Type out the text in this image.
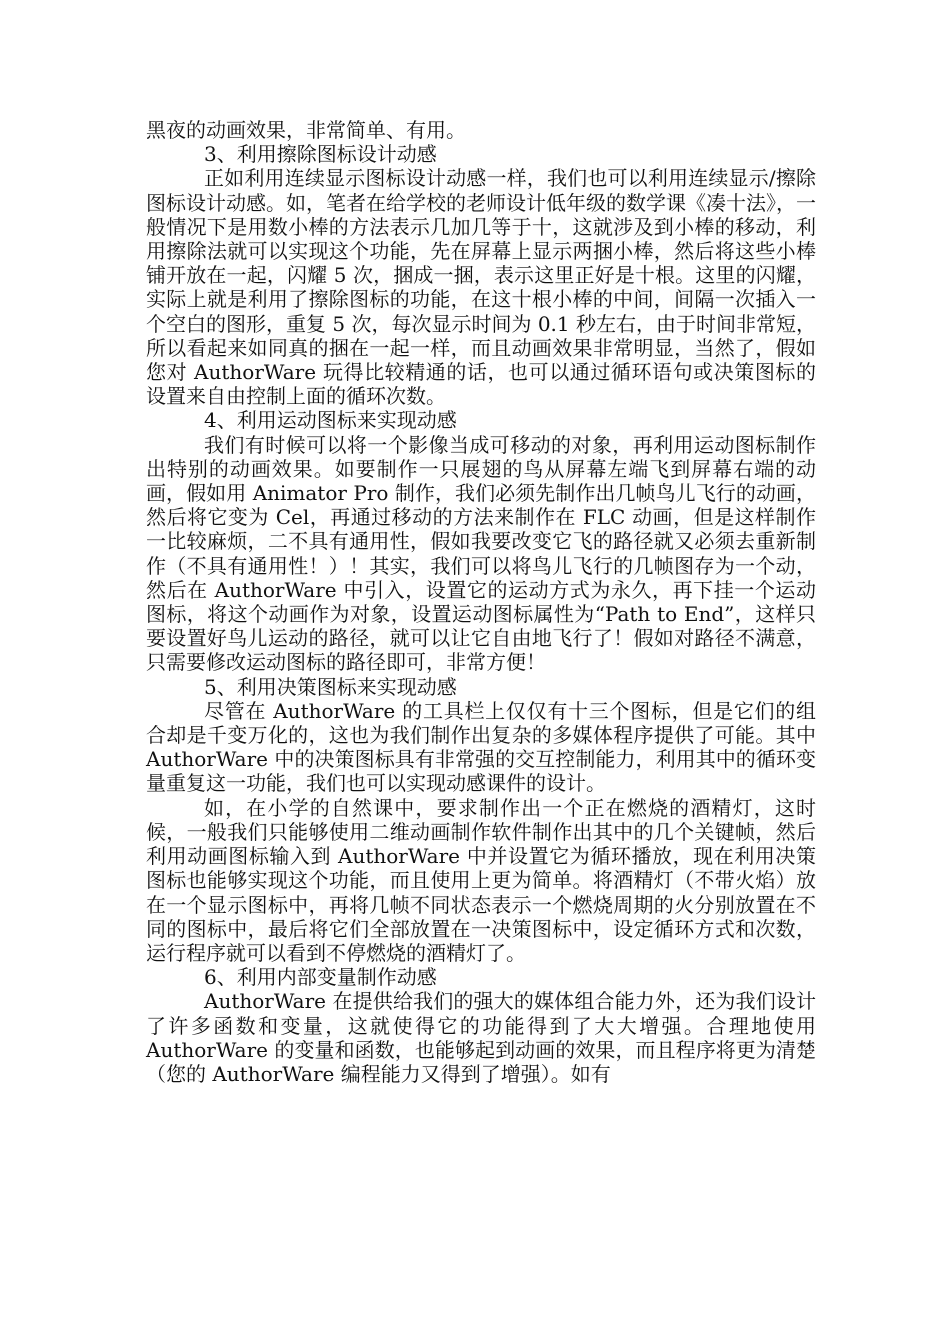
黑夜的动画效果，非常简单、有用。

3、利用擦除图标设计动感

正如利用连续显示图标设计动感一样，我们也可以利用连续显示/擦除图标设计动感。如，笔者在给学校的老师设计低年级的数学课《凑十法》，一般情况下是用数小棒的方法表示几加几等于十，这就涉及到小棒的移动，利用擦除法就可以实现这个功能，先在屏幕上显示两捆小棒，然后将这些小棒铺开放在一起，闪耀 5 次，捆成一捆，表示这里正好是十根。这里的闪耀，实际上就是利用了擦除图标的功能，在这十根小棒的中间，间隔一次插入一个空白的图形，重复 5 次，每次显示时间为 0.1 秒左右，由于时间非常短，所以看起来如同真的捆在一起一样，而且动画效果非常明显，当然了，假如您对 AuthorWare 玩得比较精通的话，也可以通过循环语句或决策图标的设置来自由控制上面的循环次数。

4、利用运动图标来实现动感

我们有时候可以将一个影像当成可移动的对象，再利用运动图标制作出特别的动画效果。如要制作一只展翅的鸟从屏幕左端飞到屏幕右端的动画，假如用 Animator Pro 制作，我们必须先制作出几帧鸟儿飞行的动画，然后将它变为 Cel，再通过移动的方法来制作在 FLC 动画，但是这样制作一比较麻烦，二不具有通用性，假如我要改变它飞的路径就又必须去重新制作（不具有通用性！）！其实，我们可以将鸟儿飞行的几帧图存为一个动，然后在 AuthorWare 中引入，设置它的运动方式为永久，再下挂一个运动图标，将这个动画作为对象，设置运动图标属性为“Path to End”，这样只要设置好鸟儿运动的路径，就可以让它自由地飞行了！假如对路径不满意，只需要修改运动图标的路径即可，非常方便！

5、利用决策图标来实现动感

尽管在 AuthorWare 的工具栏上仅仅有十三个图标，但是它们的组合却是千变万化的，这也为我们制作出复杂的多媒体程序提供了可能。其中 AuthorWare 中的决策图标具有非常强的交互控制能力，利用其中的循环变量重复这一功能，我们也可以实现动感课件的设计。

如，在小学的自然课中，要求制作出一个正在燃烧的酒精灯，这时候，一般我们只能够使用二维动画制作软件制作出其中的几个关键帧，然后利用动画图标输入到 AuthorWare 中并设置它为循环播放，现在利用决策图标也能够实现这个功能，而且使用上更为简单。将酒精灯（不带火焰）放在一个显示图标中，再将几帧不同状态表示一个燃烧周期的火分别放置在不同的图标中，最后将它们全部放置在一决策图标中，设定循环方式和次数，运行程序就可以看到不停燃烧的酒精灯了。

6、利用内部变量制作动感

AuthorWare 在提供给我们的强大的媒体组合能力外，还为我们设计了许多函数和变量，这就使得它的功能得到了大大增强。合理地使用 AuthorWare 的变量和函数，也能够起到动画的效果，而且程序将更为清楚（您的 AuthorWare 编程能力又得到了增强）。如有
